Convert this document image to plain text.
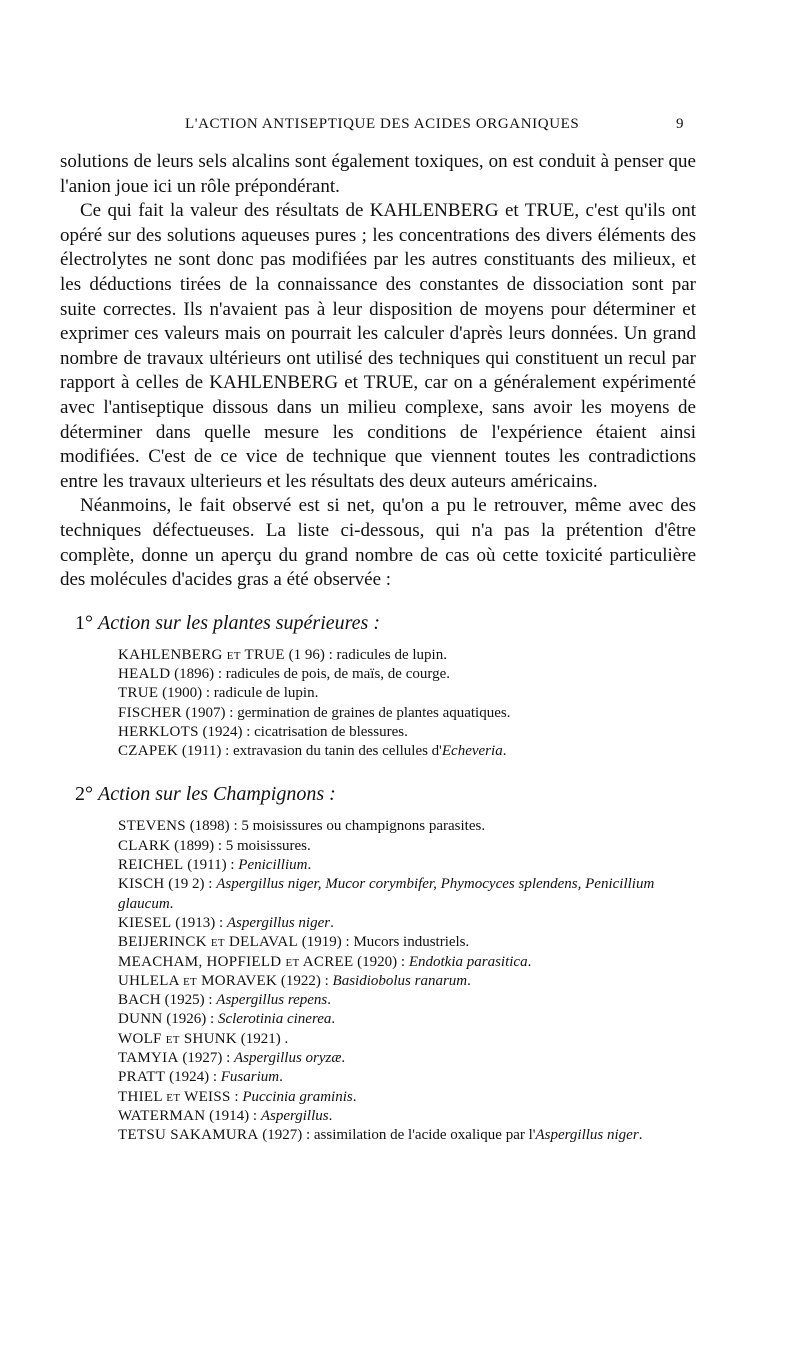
L'ACTION ANTISEPTIQUE DES ACIDES ORGANIQUES	9

solutions de leurs sels alcalins sont également toxiques, on est conduit à penser que l'anion joue ici un rôle prépondérant.

Ce qui fait la valeur des résultats de KAHLENBERG et TRUE, c'est qu'ils ont opéré sur des solutions aqueuses pures ; les concentrations des divers éléments des électrolytes ne sont donc pas modifiées par les autres constituants des milieux, et les déductions tirées de la connaissance des constantes de dissociation sont par suite correctes. Ils n'avaient pas à leur disposition de moyens pour déterminer et exprimer ces valeurs mais on pourrait les calculer d'après leurs données. Un grand nombre de travaux ultérieurs ont utilisé des techniques qui constituent un recul par rapport à celles de KAHLENBERG et TRUE, car on a généralement expérimenté avec l'antiseptique dissous dans un milieu complexe, sans avoir les moyens de déterminer dans quelle mesure les conditions de l'expérience étaient ainsi modifiées. C'est de ce vice de technique que viennent toutes les contradictions entre les travaux ulterieurs et les résultats des deux auteurs américains.

Néanmoins, le fait observé est si net, qu'on a pu le retrouver, même avec des techniques défectueuses. La liste ci-dessous, qui n'a pas la prétention d'être complète, donne un aperçu du grand nombre de cas où cette toxicité particulière des molécules d'acides gras a été observée :

1° Action sur les plantes supérieures :

KAHLENBERG et TRUE (1 96) : radicules de lupin.
HEALD (1896) : radicules de pois, de maïs, de courge.
TRUE (1900) : radicule de lupin.
FISCHER (1907) : germination de graines de plantes aquatiques.
HERKLOTS (1924) : cicatrisation de blessures.
CZAPEK (1911) : extravasion du tanin des cellules d'Echeveria.

2° Action sur les Champignons :

STEVENS (1898) : 5 moisissures ou champignons parasites.
CLARK (1899) : 5 moisissures.
REICHEL (1911) : Penicillium.
KISCH (19 2) : Aspergillus niger, Mucor corymbifer, Phymocyces splendens, Penicillium glaucum.
KIESEL (1913) : Aspergillus niger.
BEIJERINCK et DELAVAL (1919) : Mucors industriels.
MEACHAM, HOPFIELD et ACREE (1920) : Endotkia parasitica.
UHLELA et MORAVEK (1922) : Basidiobolus ranarum.
BACH (1925) : Aspergillus repens.
DUNN (1926) : Sclerotinia cinerea.
WOLF et SHUNK (1921) .
TAMYIA (1927) : Aspergillus oryzæ.
PRATT (1924) : Fusarium.
THIEL et WEISS : Puccinia graminis.
WATERMAN (1914) : Aspergillus.
TETSU SAKAMURA (1927) : assimilation de l'acide oxalique par l'Aspergillus niger.
